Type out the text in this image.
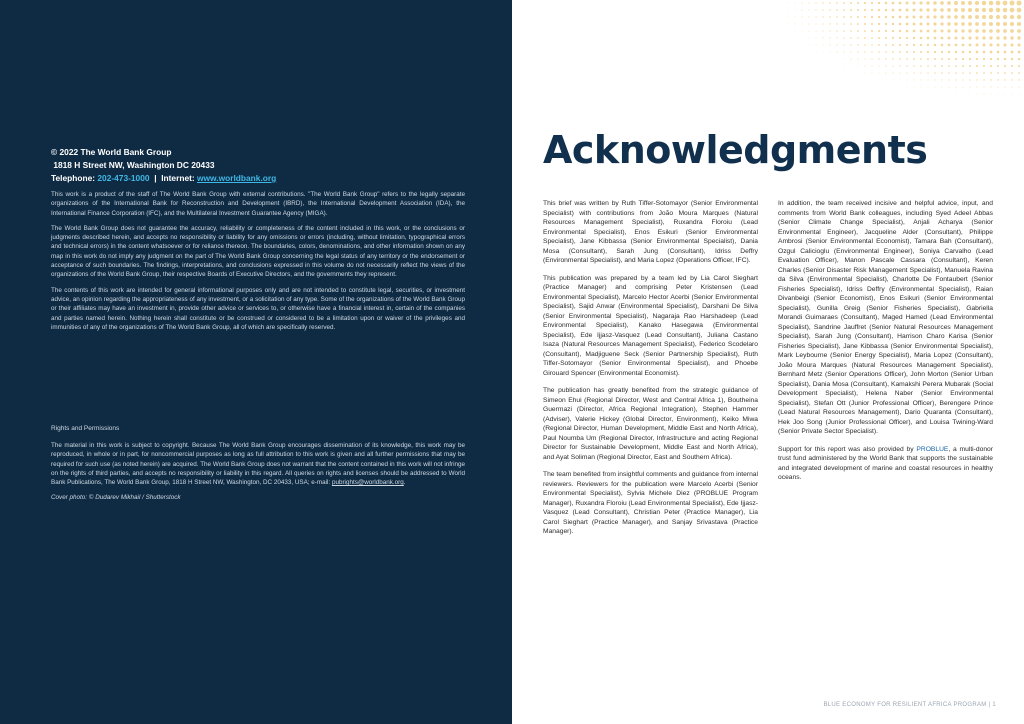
© 2022 The World Bank Group
1818 H Street NW, Washington DC 20433
Telephone: 202-473-1000 | Internet: www.worldbank.org

This work is a product of the staff of The World Bank Group with external contributions. "The World Bank Group" refers to the legally separate organizations of the International Bank for Reconstruction and Development (IBRD), the International Development Association (IDA), the International Finance Corporation (IFC), and the Multilateral Investment Guarantee Agency (MIGA).

The World Bank Group does not guarantee the accuracy, reliability or completeness of the content included in this work, or the conclusions or judgments described herein, and accepts no responsibility or liability for any omissions or errors (including, without limitation, typographical errors and technical errors) in the content whatsoever or for reliance thereon. The boundaries, colors, denominations, and other information shown on any map in this work do not imply any judgment on the part of The World Bank Group concerning the legal status of any territory or the endorsement or acceptance of such boundaries. The findings, interpretations, and conclusions expressed in this volume do not necessarily reflect the views of the organizations of the World Bank Group, their respective Boards of Executive Directors, and the governments they represent.

The contents of this work are intended for general informational purposes only and are not intended to constitute legal, securities, or investment advice, an opinion regarding the appropriateness of any investment, or a solicitation of any type. Some of the organizations of the World Bank Group or their affiliates may have an investment in, provide other advice or services to, or otherwise have a financial interest in, certain of the companies and parties named herein. Nothing herein shall constitute or be construed or considered to be a limitation upon or waiver of the privileges and immunities of any of the organizations of The World Bank Group, all of which are specifically reserved.

Rights and Permissions

The material in this work is subject to copyright. Because The World Bank Group encourages dissemination of its knowledge, this work may be reproduced, in whole or in part, for noncommercial purposes as long as full attribution to this work is given and all further permissions that may be required for such use (as noted herein) are acquired. The World Bank Group does not warrant that the content contained in this work will not infringe on the rights of third parties, and accepts no responsibility or liability in this regard. All queries on rights and licenses should be addressed to World Bank Publications, The World Bank Group, 1818 H Street NW, Washington, DC 20433, USA; e-mail: pubrights@worldbank.org.

Cover photo: © Dudarev Mikhail / Shutterstock

Acknowledgments

This brief was written by Ruth Tiffer-Sotomayor (Senior Environmental Specialist) with contributions from João Moura Marques (Natural Resources Management Specialist), Ruxandra Floroiu (Lead Environmental Specialist), Enos Esikuri (Senior Environmental Specialist), Jane Kibbassa (Senior Environmental Specialist), Dania Mosa (Consultant), Sarah Jung (Consultant), Idriss Deffry (Environmental Specialist), and Maria Lopez (Operations Officer, IFC).

This publication was prepared by a team led by Lia Carol Sieghart (Practice Manager) and comprising Peter Kristensen (Lead Environmental Specialist), Marcelo Hector Acerbi (Senior Environmental Specialist), Sajid Anwar (Environmental Specialist), Darshani De Silva (Senior Environmental Specialist), Nagaraja Rao Harshadeep (Lead Environmental Specialist), Kanako Hasegawa (Environmental Specialist), Ede Ijjasz-Vasquez (Lead Consultant), Juliana Castano Isaza (Natural Resources Management Specialist), Federico Scodelaro (Consultant), Madjiguene Seck (Senior Partnership Specialist), Ruth Tiffer-Sotomayor (Senior Environmental Specialist), and Phoebe Girouard Spencer (Environmental Economist).

The publication has greatly benefited from the strategic guidance of Simeon Ehui (Regional Director, West and Central Africa 1), Boutheina Guermazi (Director, Africa Regional Integration), Stephen Hammer (Adviser), Valerie Hickey (Global Director, Environment), Keiko Miwa (Regional Director, Human Development, Middle East and North Africa), Paul Noumba Um (Regional Director, Infrastructure and acting Regional Director for Sustainable Development, Middle East and North Africa), and Ayat Soliman (Regional Director, East and Southern Africa).

The team benefited from insightful comments and guidance from internal reviewers. Reviewers for the publication were Marcelo Acerbi (Senior Environmental Specialist), Sylvia Michele Diez (PROBLUE Program Manager), Ruxandra Floroiu (Lead Environmental Specialist), Ede Ijjasz-Vasquez (Lead Consultant), Christian Peter (Practice Manager), Lia Carol Sieghart (Practice Manager), and Sanjay Srivastava (Practice Manager).

In addition, the team received incisive and helpful advice, input, and comments from World Bank colleagues, including Syed Adeel Abbas (Senior Climate Change Specialist), Anjali Acharya (Senior Environmental Engineer), Jacqueline Alder (Consultant), Philippe Ambrosi (Senior Environmental Economist), Tamara Bah (Consultant), Ozgul Calicioglu (Environmental Engineer), Soniya Carvalho (Lead Evaluation Officer), Manon Pascale Cassara (Consultant), Keren Charles (Senior Disaster Risk Management Specialist), Manuela Ravina da Silva (Environmental Specialist), Charlotte De Fontaubert (Senior Fisheries Specialist), Idriss Deffry (Environmental Specialist), Raian Divanbeigi (Senior Economist), Enos Esikuri (Senior Environmental Specialist), Gunilla Greig (Senior Fisheries Specialist), Gabriella Morandi Guimaraes (Consultant), Maged Hamed (Lead Environmental Specialist), Sandrine Jauffret (Senior Natural Resources Management Specialist), Sarah Jung (Consultant), Harrison Charo Karisa (Senior Fisheries Specialist), Jane Kibbassa (Senior Environmental Specialist), Mark Leybourne (Senior Energy Specialist), Maria Lopez (Consultant), João Moura Marques (Natural Resources Management Specialist), Bernhard Metz (Senior Operations Officer), John Morton (Senior Urban Specialist), Dania Mosa (Consultant), Kamakshi Perera Mubarak (Social Development Specialist), Helena Naber (Senior Environmental Specialist), Stefan Ott (Junior Professional Officer), Berengere Prince (Lead Natural Resources Management), Dario Quaranta (Consultant), Hek Joo Song (Junior Professional Officer), and Louisa Twining-Ward (Senior Private Sector Specialist).

Support for this report was also provided by PROBLUE, a multi-donor trust fund administered by the World Bank that supports the sustainable and integrated development of marine and coastal resources in healthy oceans.

BLUE ECONOMY FOR RESILIENT AFRICA PROGRAM | 1
